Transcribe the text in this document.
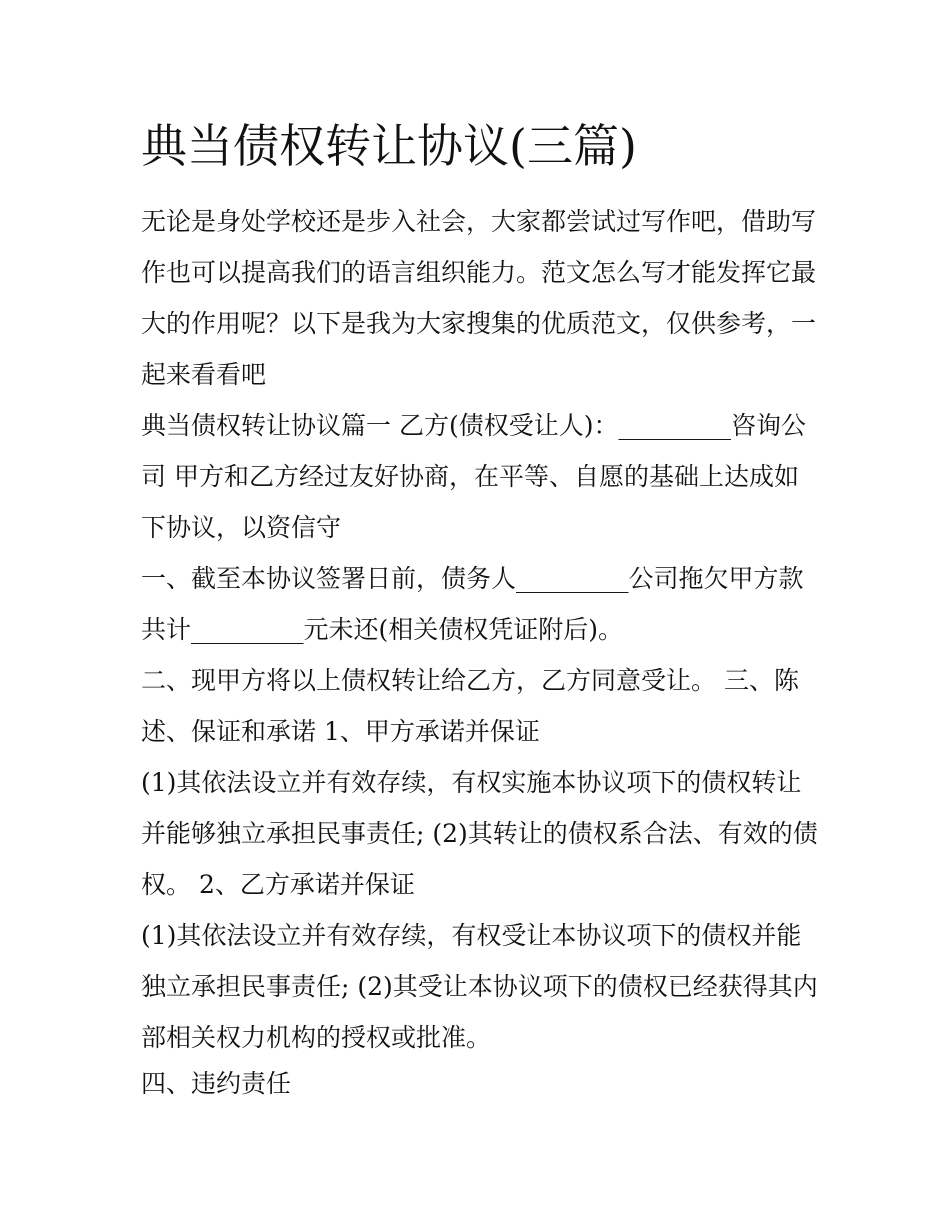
典当债权转让协议(三篇)
无论是身处学校还是步入社会，大家都尝试过写作吧，借助写
作也可以提高我们的语言组织能力。范文怎么写才能发挥它最
大的作用呢？以下是我为大家搜集的优质范文，仅供参考，一
起来看看吧
典当债权转让协议篇一 乙方(债权受让人)：_________咨询公
司 甲方和乙方经过友好协商，在平等、自愿的基础上达成如
下协议，以资信守
一、截至本协议签署日前，债务人_________公司拖欠甲方款
共计_________元未还(相关债权凭证附后)。
二、现甲方将以上债权转让给乙方，乙方同意受让。 三、陈
述、保证和承诺 1、甲方承诺并保证
(1)其依法设立并有效存续，有权实施本协议项下的债权转让
并能够独立承担民事责任; (2)其转让的债权系合法、有效的债
权。 2、乙方承诺并保证
(1)其依法设立并有效存续，有权受让本协议项下的债权并能
独立承担民事责任; (2)其受让本协议项下的债权已经获得其内
部相关权力机构的授权或批准。
四、违约责任
